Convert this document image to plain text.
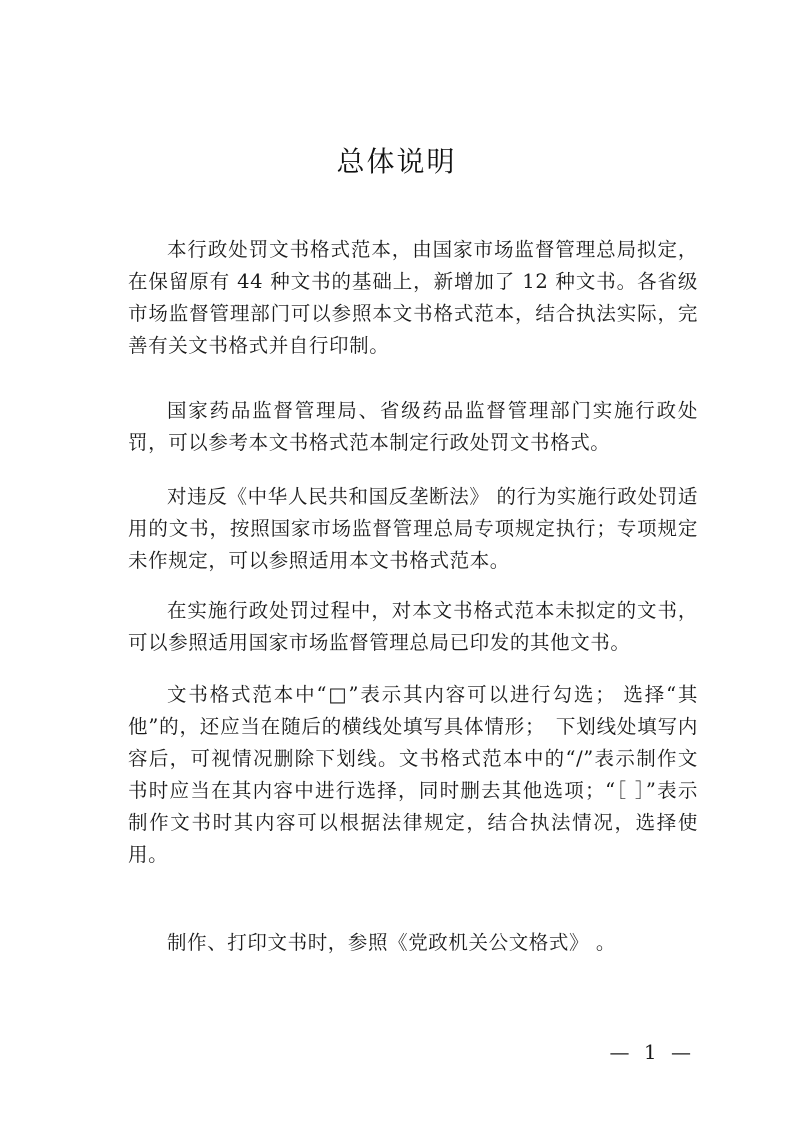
总体说明

本行政处罚文书格式范本，由国家市场监督管理总局拟定，在保留原有 44 种文书的基础上，新增加了 12 种文书。各省级市场监督管理部门可以参照本文书格式范本，结合执法实际，完善有关文书格式并自行印制。

国家药品监督管理局、省级药品监督管理部门实施行政处罚，可以参考本文书格式范本制定行政处罚文书格式。

对违反《中华人民共和国反垄断法》 的行为实施行政处罚适用的文书，按照国家市场监督管理总局专项规定执行；专项规定未作规定，可以参照适用本文书格式范本。

在实施行政处罚过程中，对本文书格式范本未拟定的文书，可以参照适用国家市场监督管理总局已印发的其他文书。

文书格式范本中“□”表示其内容可以进行勾选； 选择“其他”的，还应当在随后的横线处填写具体情形；　下划线处填写内容后，可视情况删除下划线。文书格式范本中的“/”表示制作文书时应当在其内容中进行选择，同时删去其他选项；“［ ］”表示制作文书时其内容可以根据法律规定，结合执法情况，选择使用。

制作、打印文书时，参照《党政机关公文格式》 。

— 1 —
